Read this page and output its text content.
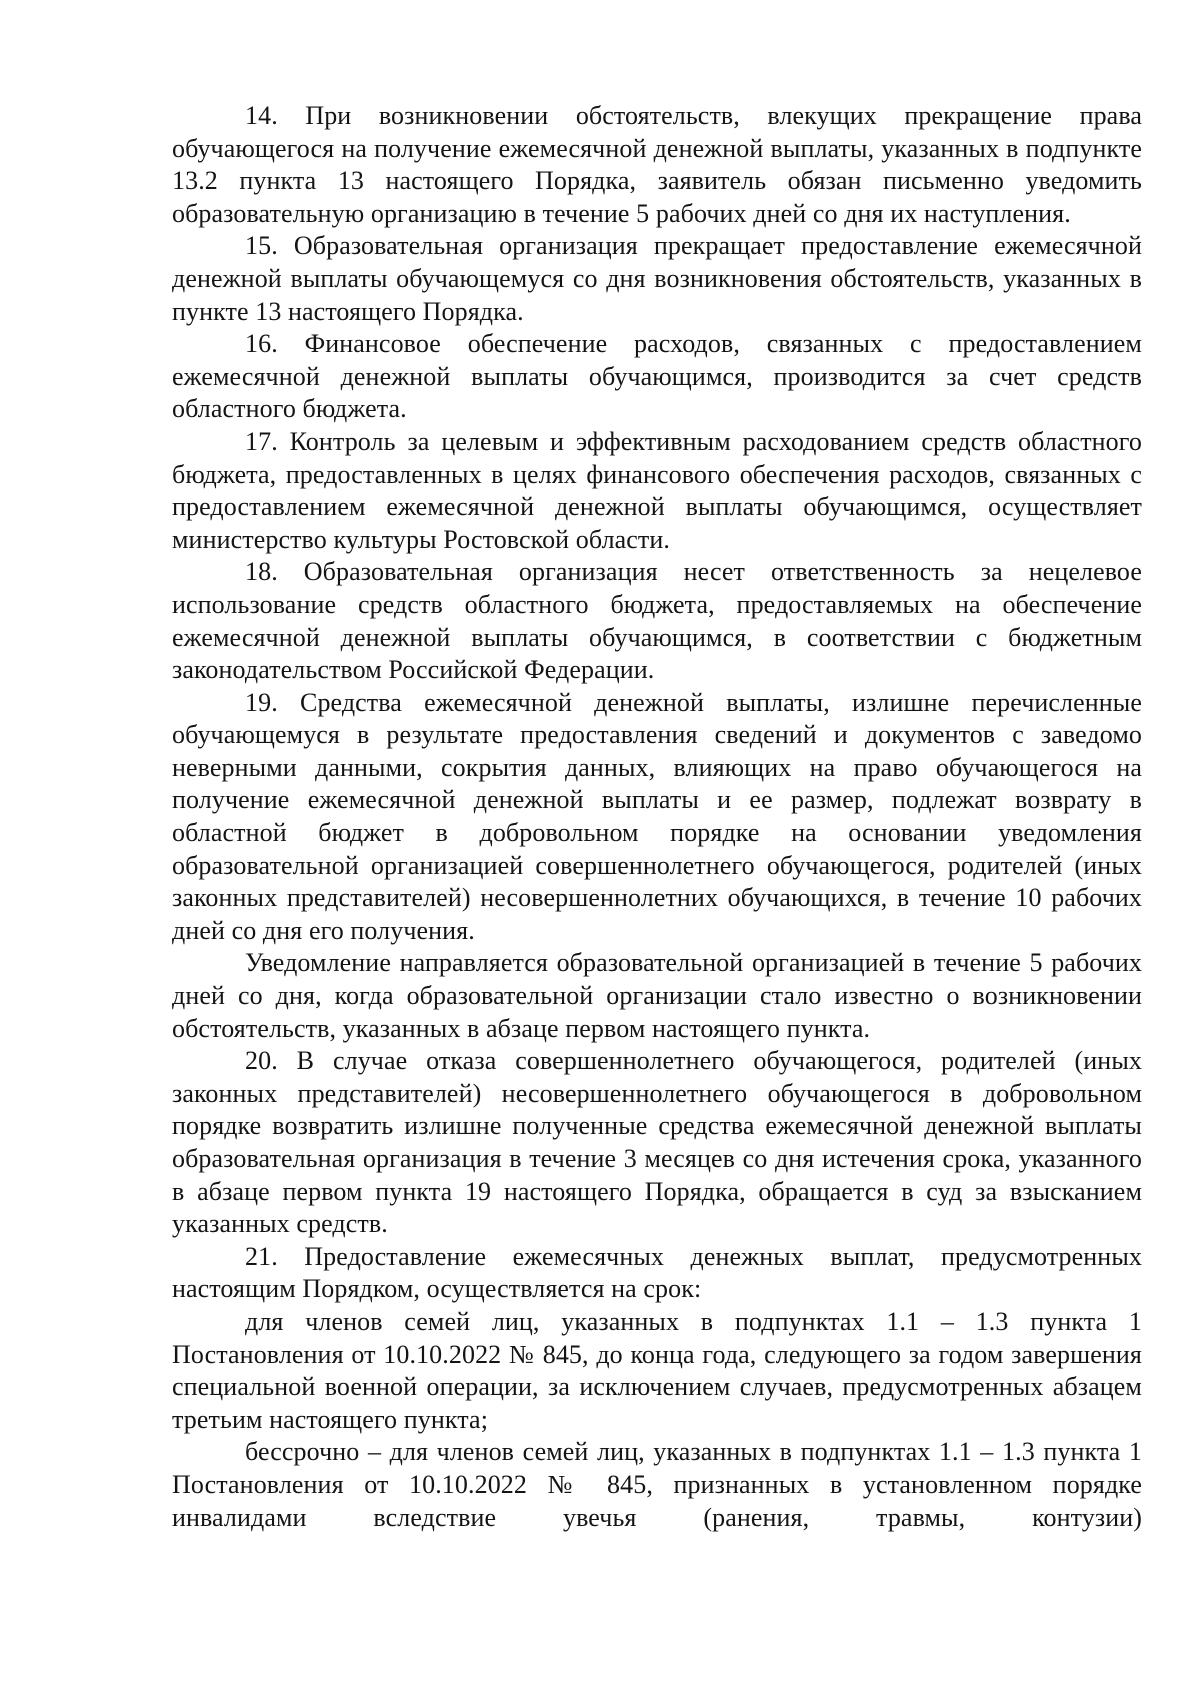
14. При возникновении обстоятельств, влекущих прекращение права обучающегося на получение ежемесячной денежной выплаты, указанных в подпункте 13.2 пункта 13 настоящего Порядка, заявитель обязан письменно уведомить образовательную организацию в течение 5 рабочих дней со дня их наступления.

15. Образовательная организация прекращает предоставление ежемесячной денежной выплаты обучающемуся со дня возникновения обстоятельств, указанных в пункте 13 настоящего Порядка.

16. Финансовое обеспечение расходов, связанных с предоставлением ежемесячной денежной выплаты обучающимся, производится за счет средств областного бюджета.

17. Контроль за целевым и эффективным расходованием средств областного бюджета, предоставленных в целях финансового обеспечения расходов, связанных с предоставлением ежемесячной денежной выплаты обучающимся, осуществляет министерство культуры Ростовской области.

18. Образовательная организация несет ответственность за нецелевое использование средств областного бюджета, предоставляемых на обеспечение ежемесячной денежной выплаты обучающимся, в соответствии с бюджетным законодательством Российской Федерации.

19. Средства ежемесячной денежной выплаты, излишне перечисленные обучающемуся в результате предоставления сведений и документов с заведомо неверными данными, сокрытия данных, влияющих на право обучающегося на получение ежемесячной денежной выплаты и ее размер, подлежат возврату в областной бюджет в добровольном порядке на основании уведомления образовательной организацией совершеннолетнего обучающегося, родителей (иных законных представителей) несовершеннолетних обучающихся, в течение 10 рабочих дней со дня его получения.

Уведомление направляется образовательной организацией в течение 5 рабочих дней со дня, когда образовательной организации стало известно о возникновении обстоятельств, указанных в абзаце первом настоящего пункта.

20. В случае отказа совершеннолетнего обучающегося, родителей (иных законных представителей) несовершеннолетнего обучающегося в добровольном порядке возвратить излишне полученные средства ежемесячной денежной выплаты образовательная организация в течение 3 месяцев со дня истечения срока, указанного в абзаце первом пункта 19 настоящего Порядка, обращается в суд за взысканием указанных средств.

21. Предоставление ежемесячных денежных выплат, предусмотренных настоящим Порядком, осуществляется на срок:

для членов семей лиц, указанных в подпунктах 1.1 – 1.3 пункта 1 Постановления от 10.10.2022 № 845, до конца года, следующего за годом завершения специальной военной операции, за исключением случаев, предусмотренных абзацем третьим настоящего пункта;

бессрочно – для членов семей лиц, указанных в подпунктах 1.1 – 1.3 пункта 1 Постановления от 10.10.2022 № 845, признанных в установленном порядке инвалидами вследствие увечья (ранения, травмы, контузии)
